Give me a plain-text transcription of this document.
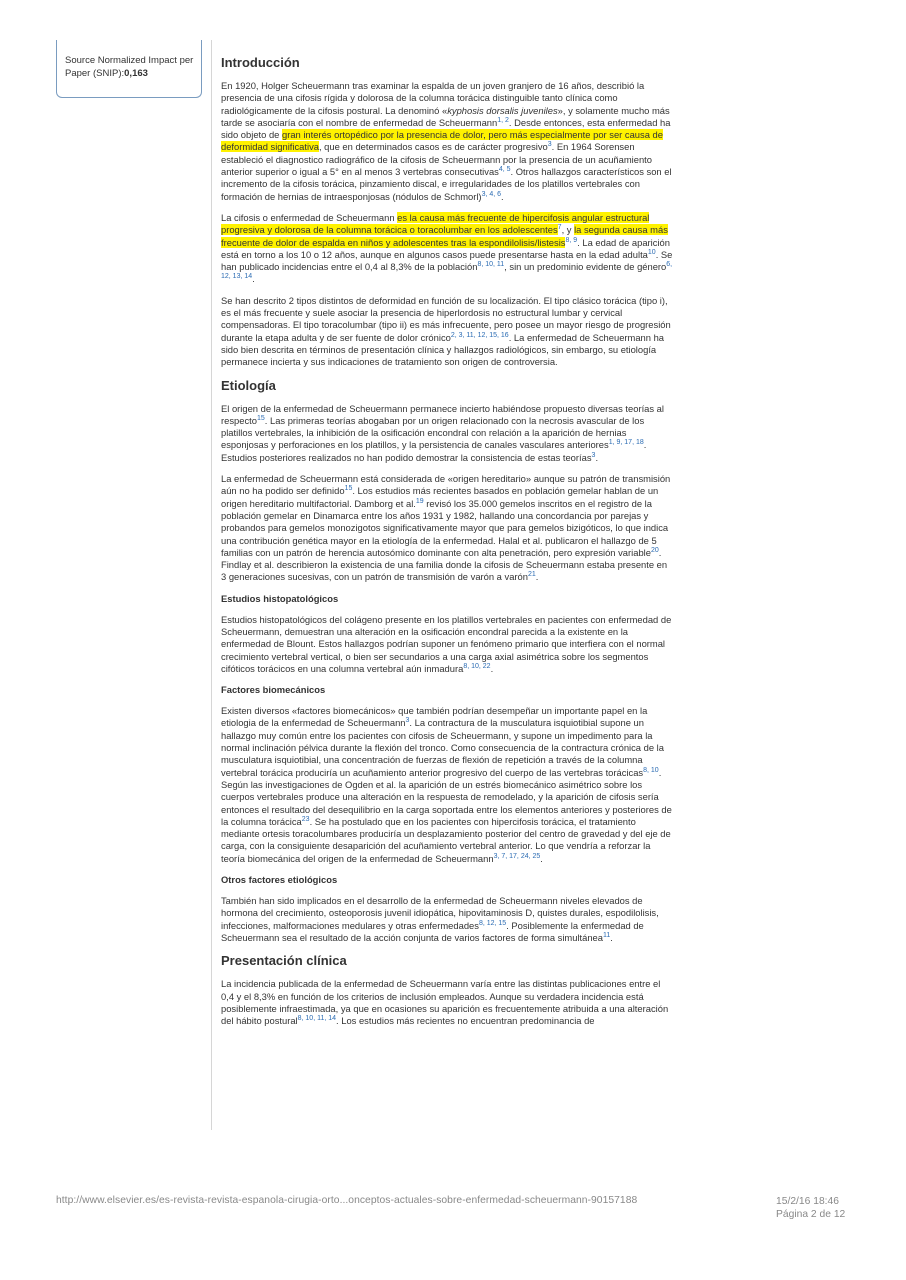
Source Normalized Impact per Paper (SNIP):0,163
Introducción

En 1920, Holger Scheuermann tras examinar la espalda de un joven granjero de 16 años, describió la presencia de una cifosis rígida y dolorosa de la columna torácica distinguible tanto clínica como radiológicamente de la cifosis postural. La denominó «kyphosis dorsalis juveniles», y solamente mucho más tarde se asociaría con el nombre de enfermedad de Scheuermann$^{1, 2}$. Desde entonces, esta enfermedad ha sido objeto de gran interés ortopédico por la presencia de dolor, pero más especialmente por ser causa de deformidad significativa, que en determinados casos es de carácter progresivo$^3$. En 1964 Sorensen estableció el diagnostico radiográfico de la cifosis de Scheuermann por la presencia de un acuñamiento anterior superior o igual a 5° en al menos 3 vertebras consecutivas$^{4, 5}$. Otros hallazgos característicos son el incremento de la cifosis torácica, pinzamiento discal, e irregularidades de los platillos vertebrales con formación de hernias de intraesponjosas (nódulos de Schmorl)$^{3, 4, 6}$.

La cifosis o enfermedad de Scheuermann es la causa más frecuente de hipercifosis angular estructural progresiva y dolorosa de la columna torácica o toracolumbar en los adolescentes$^7$, y la segunda causa más frecuente de dolor de espalda en niños y adolescentes tras la espondilolisis/listesis$^{8, 9}$. La edad de aparición está en torno a los 10 o 12 años, aunque en algunos casos puede presentarse hasta en la edad adulta$^{10}$. Se han publicado incidencias entre el 0,4 al 8,3% de la población$^{8, 10, 11}$, sin un predominio evidente de género$^{6, 12, 13, 14}$.

Se han descrito 2 tipos distintos de deformidad en función de su localización. El tipo clásico torácica (tipo i), es el más frecuente y suele asociar la presencia de hiperlordosis no estructural lumbar y cervical compensadoras. El tipo toracolumbar (tipo ii) es más infrecuente, pero posee un mayor riesgo de progresión durante la etapa adulta y de ser fuente de dolor crónico$^{2, 3, 11, 12, 15, 16}$. La enfermedad de Scheuermann ha sido bien descrita en términos de presentación clínica y hallazgos radiológicos, sin embargo, su etiología permanece incierta y sus indicaciones de tratamiento son origen de controversia.

Etiología

El origen de la enfermedad de Scheuermann permanece incierto habiéndose propuesto diversas teorías al respecto$^{15}$. Las primeras teorías abogaban por un origen relacionado con la necrosis avascular de los platillos vertebrales, la inhibición de la osificación encondral con relación a la aparición de hernias esponjosas y perforaciones en los platillos, y la persistencia de canales vasculares anteriores$^{1, 9, 17, 18}$. Estudios posteriores realizados no han podido demostrar la consistencia de estas teorías$^3$.

La enfermedad de Scheuermann está considerada de «origen hereditario» aunque su patrón de transmisión aún no ha podido ser definido$^{15}$. Los estudios más recientes basados en población gemelar hablan de un origen hereditario multifactorial. Damborg et al.$^{19}$ revisó los 35.000 gemelos inscritos en el registro de la población gemelar en Dinamarca entre los años 1931 y 1982, hallando una concordancia por parejas y probandos para gemelos monozigotos significativamente mayor que para gemelos bizigóticos, lo que indica una contribución genética mayor en la etiología de la enfermedad. Halal et al. publicaron el hallazgo de 5 familias con un patrón de herencia autosómico dominante con alta penetración, pero expresión variable$^{20}$. Findlay et al. describieron la existencia de una familia donde la cifosis de Scheuermann estaba presente en 3 generaciones sucesivas, con un patrón de transmisión de varón a varón$^{21}$.

Estudios histopatológicos

Estudios histopatológicos del colágeno presente en los platillos vertebrales en pacientes con enfermedad de Scheuermann, demuestran una alteración en la osificación encondral parecida a la existente en la enfermedad de Blount. Estos hallazgos podrían suponer un fenómeno primario que interfiera con el normal crecimiento vertebral vertical, o bien ser secundarios a una carga axial asimétrica sobre los segmentos cifóticos torácicos en una columna vertebral aún inmadura$^{8, 10, 22}$.

Factores biomecánicos

Existen diversos «factores biomecánicos» que también podrían desempeñar un importante papel en la etiologia de la enfermedad de Scheuermann$^3$. La contractura de la musculatura isquiotibial supone un hallazgo muy común entre los pacientes con cifosis de Scheuermann, y supone un impedimento para la normal inclinación pélvica durante la flexión del tronco. Como consecuencia de la contractura crónica de la musculatura isquiotibial, una concentración de fuerzas de flexión de repetición a través de la columna vertebral torácica produciría un acuñamiento anterior progresivo del cuerpo de las vertebras torácicas$^{8, 10}$. Según las investigaciones de Ogden et al. la aparición de un estrés biomecánico asimétrico sobre los cuerpos vertebrales produce una alteración en la respuesta de remodelado, y la aparición de cifosis sería entonces el resultado del desequilibrio en la carga soportada entre los elementos anteriores y posteriores de la columna torácica$^{23}$. Se ha postulado que en los pacientes con hipercifosis torácica, el tratamiento mediante ortesis toracolumbares produciría un desplazamiento posterior del centro de gravedad y del eje de carga, con la consiguiente desaparición del acuñamiento vertebral anterior. Lo que vendría a reforzar la teoría biomecánica del origen de la enfermedad de Scheuermann$^{3, 7, 17, 24, 25}$.

Otros factores etiológicos

También han sido implicados en el desarrollo de la enfermedad de Scheuermann niveles elevados de hormona del crecimiento, osteoporosis juvenil idiopática, hipovitaminosis D, quistes durales, espodilolisis, infecciones, malformaciones medulares y otras enfermedades$^{8, 12, 15}$. Posiblemente la enfermedad de Scheuermann sea el resultado de la acción conjunta de varios factores de forma simultánea$^{11}$.

Presentación clínica

La incidencia publicada de la enfermedad de Scheuermann varía entre las distintas publicaciones entre el 0,4 y el 8,3% en función de los criterios de inclusión empleados. Aunque su verdadera incidencia está posiblemente infraestimada, ya que en ocasiones su aparición es frecuentemente atribuida a una alteración del hábito postural$^{8, 10, 11, 14}$. Los estudios más recientes no encuentran predominancia de

http://www.elsevier.es/es-revista-revista-espanola-cirugia-orto...onceptos-actuales-sobre-enfermedad-scheuermann-90157188	15/2/16 18:46
Página 2 de 12
